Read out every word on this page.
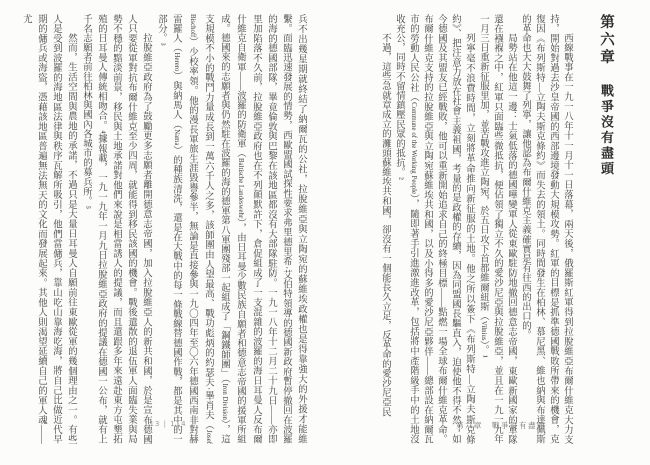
第六章戰爭沒有盡頭

西線戰事在一九一八年十一月十一日落幕，兩天後，俄羅斯紅軍得到拉脫維亞布爾什維克大力支持，開始對過去沙皇帝國的西部邊境發動大規模攻勢。紅軍的目標是抓準德國戰敗所帶來的機會，克復因《布列斯特—立陶夫斯克條約》而失去的領土。同時間發生在柏林、慕尼黑、維也納與布達佩斯的革命也大大鼓舞了列寧，讓他認為布爾什維克主義確實是有往西的出口的。

局勢站在他這一邊：士氣低落的德國嘩變軍人從東歐駐防地撤回德意志帝國，東歐新國家的軍隊還在襁褓之中，紅軍只面臨些微抵抗，便佔領了獨立不久的愛沙尼亞與拉脫維亞，並且在一九一九年一月三日重新征服里加，並苦戰攻進立陶宛，於五日攻下首都維爾紐斯（Vilnius）。¹

列寧毫不浪費時間，立刻將革命推向新征服的土地。他之所以簽下《布列斯特—立陶夫斯克條約》、把注意力放在社會主義祖國，考量的是政權的存續，因為同盟國長驅直入，迫使他不得不然；如今德國及其盟友已經戰敗，他可以重新開始追求自己的終極目標——點燃一場全球布爾什維克革命。布爾什維克支持的拉脫維亞與立陶宛蘇維埃共和國，以及小得多的愛沙尼亞夥伴——總部設在納爾瓦市的勞動人民公社（Commune of the Working People），隨即著手引進激進改革，包括將中產階級手中的土地沒收充公，同時不留情鎮壓民眾的抵抗。²

不過，這些急就章成立的灘頭蘇維埃共和國，卻沒有一個能長久立足，反革命的愛沙尼亞民

兵不出幾星期就終結了納爾瓦的公社，拉脫維亞與立陶宛的蘇維埃政權也是得靠強大的外援才能維繫。面臨迅速發展的情勢，西歐盟國試探性要求弗里德里希·艾伯特領導的德國新政府暫停撤回在波羅的海的德國部隊，畢竟倫敦與巴黎在該地區都沒有大部隊駐防。一九一八年十二月二十九日——亦即里加陷落不久前，拉脫維亞政府也在不列顛默許下，倉促組成了一支混雜的波羅的海日耳曼人反布爾什維克自衛軍——波羅的防衛軍（Baltische Landeswehr），由日耳曼少數民族自願者和德意志帝國的援軍所組成。德國來的志願者與仍然駐在波羅的海的德軍第八軍團殘部一起組成了「鋼鐵師團」（Iron Division），這支規模不小的戰鬥力量成長到一萬六千人之多，該師團由人望最高、戰功彪炳的約瑟夫·畢肖夫（Josef Bischoff）少校率領。他的漫長軍旅生涯毀譽參半，無論是直接參與一九〇四年至〇六年德國西南非對赫雷羅人（Herero）與納馬人（Nama）的種族清洗，還是在大戰中的每一條戰線替德國作戰，都是其中的一部分。³

拉脫維亞政府為了鼓勵更多志願者離開德意志帝國，加入拉脫維亞人的新共和國，於是宣布德國人只要從軍對抗布爾什維克至少四周，就能得到移民該國的機會。戰後遣散的退伍軍人面臨失業與局勢不穩的黯淡前景，移民與土地承諾對他們來說是相當誘人的提議，而且還跟多年來遠赴東方屯墾拓殖的日耳曼人傳統相吻合。⁴據報載，一九一九年一月九日拉脫維亞政府的提議在德國一公布，就有上千名志願者前往柏林與國內各城市的募兵所。⁵

然而，生活空間與農地的承諾，不過只是大量日耳曼人自願前往東歐從軍的幾個理由之一。有些人是受到波羅的海地區法律與秩序瓦解所吸引，他們當傭兵，靠山吃山靠海吃海，將自己比做近代早期的傭兵或海盜，憑藉該地區普遍無法無天的文化而發展起來。其他人則渴望延續自己的軍人魂——尤

第六章　戰爭沒有盡頭
113 | 114
